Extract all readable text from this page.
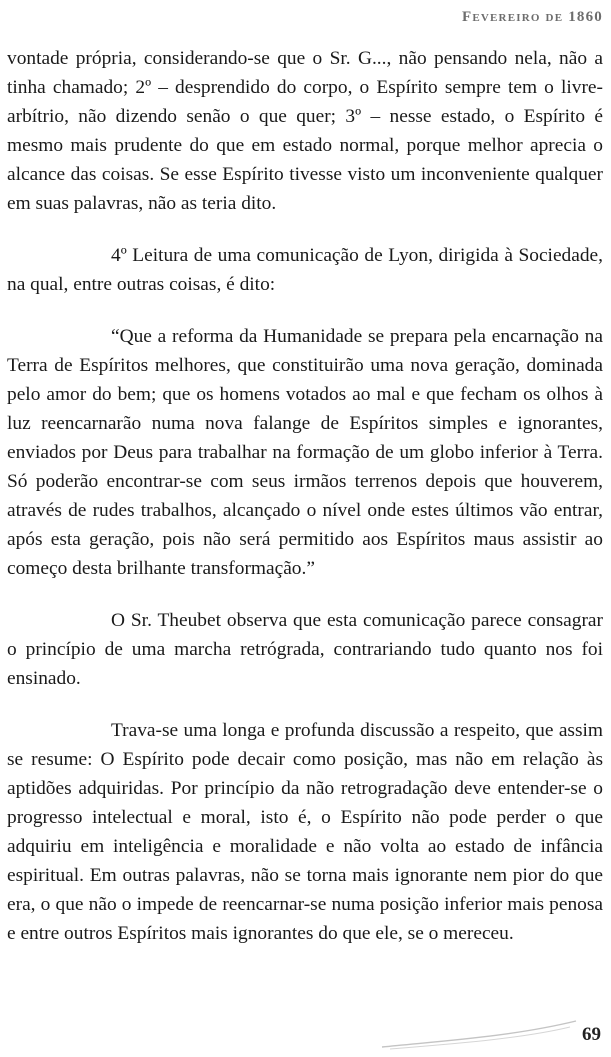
Fevereiro de 1860

vontade própria, considerando-se que o Sr. G..., não pensando nela, não a tinha chamado; 2º – desprendido do corpo, o Espírito sempre tem o livre-arbítrio, não dizendo senão o que quer; 3º – nesse estado, o Espírito é mesmo mais prudente do que em estado normal, porque melhor aprecia o alcance das coisas. Se esse Espírito tivesse visto um inconveniente qualquer em suas palavras, não as teria dito.

4º Leitura de uma comunicação de Lyon, dirigida à Sociedade, na qual, entre outras coisas, é dito:

“Que a reforma da Humanidade se prepara pela encarnação na Terra de Espíritos melhores, que constituirão uma nova geração, dominada pelo amor do bem; que os homens votados ao mal e que fecham os olhos à luz reencarnarão numa nova falange de Espíritos simples e ignorantes, enviados por Deus para trabalhar na formação de um globo inferior à Terra. Só poderão encontrar-se com seus irmãos terrenos depois que houverem, através de rudes trabalhos, alcançado o nível onde estes últimos vão entrar, após esta geração, pois não será permitido aos Espíritos maus assistir ao começo desta brilhante transformação.”

O Sr. Theubet observa que esta comunicação parece consagrar o princípio de uma marcha retrógrada, contrariando tudo quanto nos foi ensinado.

Trava-se uma longa e profunda discussão a respeito, que assim se resume: O Espírito pode decair como posição, mas não em relação às aptidões adquiridas. Por princípio da não retrogradação deve entender-se o progresso intelectual e moral, isto é, o Espírito não pode perder o que adquiriu em inteligência e moralidade e não volta ao estado de infância espiritual. Em outras palavras, não se torna mais ignorante nem pior do que era, o que não o impede de reencarnar-se numa posição inferior mais penosa e entre outros Espíritos mais ignorantes do que ele, se o mereceu.

69
